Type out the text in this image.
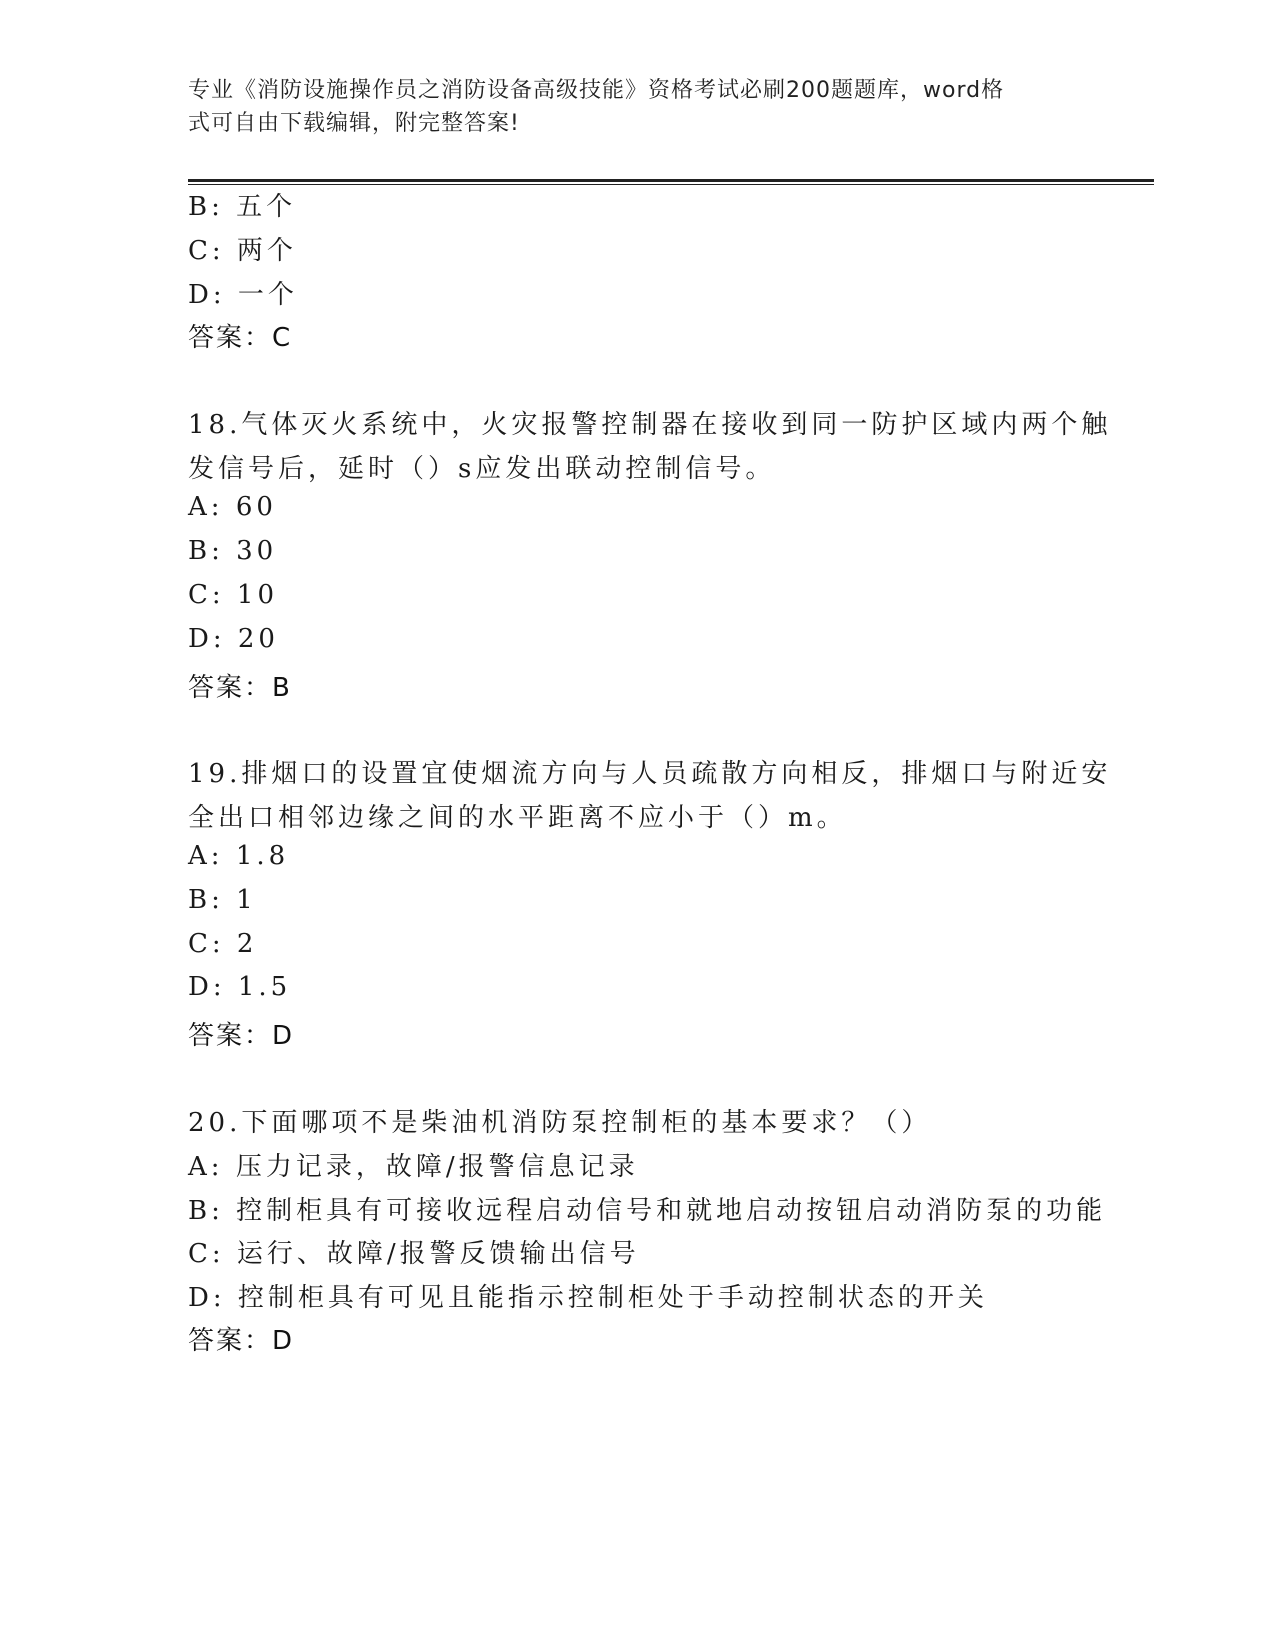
专业《消防设施操作员之消防设备高级技能》资格考试必刷200题题库，word格
式可自由下载编辑，附完整答案!
B: 五个
C: 两个
D: 一个
答案：C
18.气体灭火系统中，火灾报警控制器在接收到同一防护区域内两个触
发信号后，延时（）s应发出联动控制信号。
A: 60
B: 30
C: 10
D: 20
答案：B
19.排烟口的设置宜使烟流方向与人员疏散方向相反，排烟口与附近安
全出口相邻边缘之间的水平距离不应小于（）m。
A: 1.8
B: 1
C: 2
D: 1.5
答案：D
20.下面哪项不是柴油机消防泵控制柜的基本要求？（）
A: 压力记录，故障/报警信息记录
B: 控制柜具有可接收远程启动信号和就地启动按钮启动消防泵的功能
C: 运行、故障/报警反馈输出信号
D: 控制柜具有可见且能指示控制柜处于手动控制状态的开关
答案：D
